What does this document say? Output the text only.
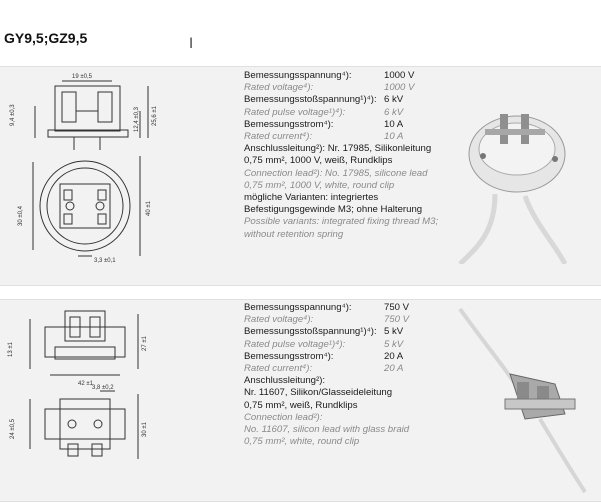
GY9,5;GZ9,5	I
19 ±0,5
9,4 ±0,3	12,4 ±0,3 25,6 ±1
30 ±0,4	40 ±1
3,3 ±0,1
Bemessungsspannung⁴):	1000 V
Rated voltage⁴):	1000 V
Bemessungsstoßspannung¹)⁴): 6 kV
Rated pulse voltage¹)⁴):	6 kV
Bemessungsstrom⁴):	10 A
Rated current⁴):	10 A
Anschlussleitung²): Nr. 17985, Silikonleitung
0,75 mm², 1000 V, weiß, Rundklips
Connection lead²): No. 17985, silicone lead
0,75 mm², 1000 V, white, round clip
mögliche Varianten: integriertes
Befestigungsgewinde M3; ohne Halterung
Possible variants: integrated fixing thread M3;
without retention spring
13 ±1	27 ±1
42 ±1
3,8 ±0,2
24 ±0,5	30 ±1
Bemessungsspannung⁴):	750 V
Rated voltage⁴):	750 V
Bemessungsstoßspannung¹)⁴): 5 kV
Rated pulse voltage¹)⁴):	5 kV
Bemessungsstrom⁴):	20 A
Rated current⁴):	20 A
Anschlussleitung²):
Nr. 11607, Silikon/Glasseideleitung
0,75 mm², weiß, Rundklips
Connection lead²):
No. 11607, silicon lead with glass braid
0,75 mm², white, round clip
